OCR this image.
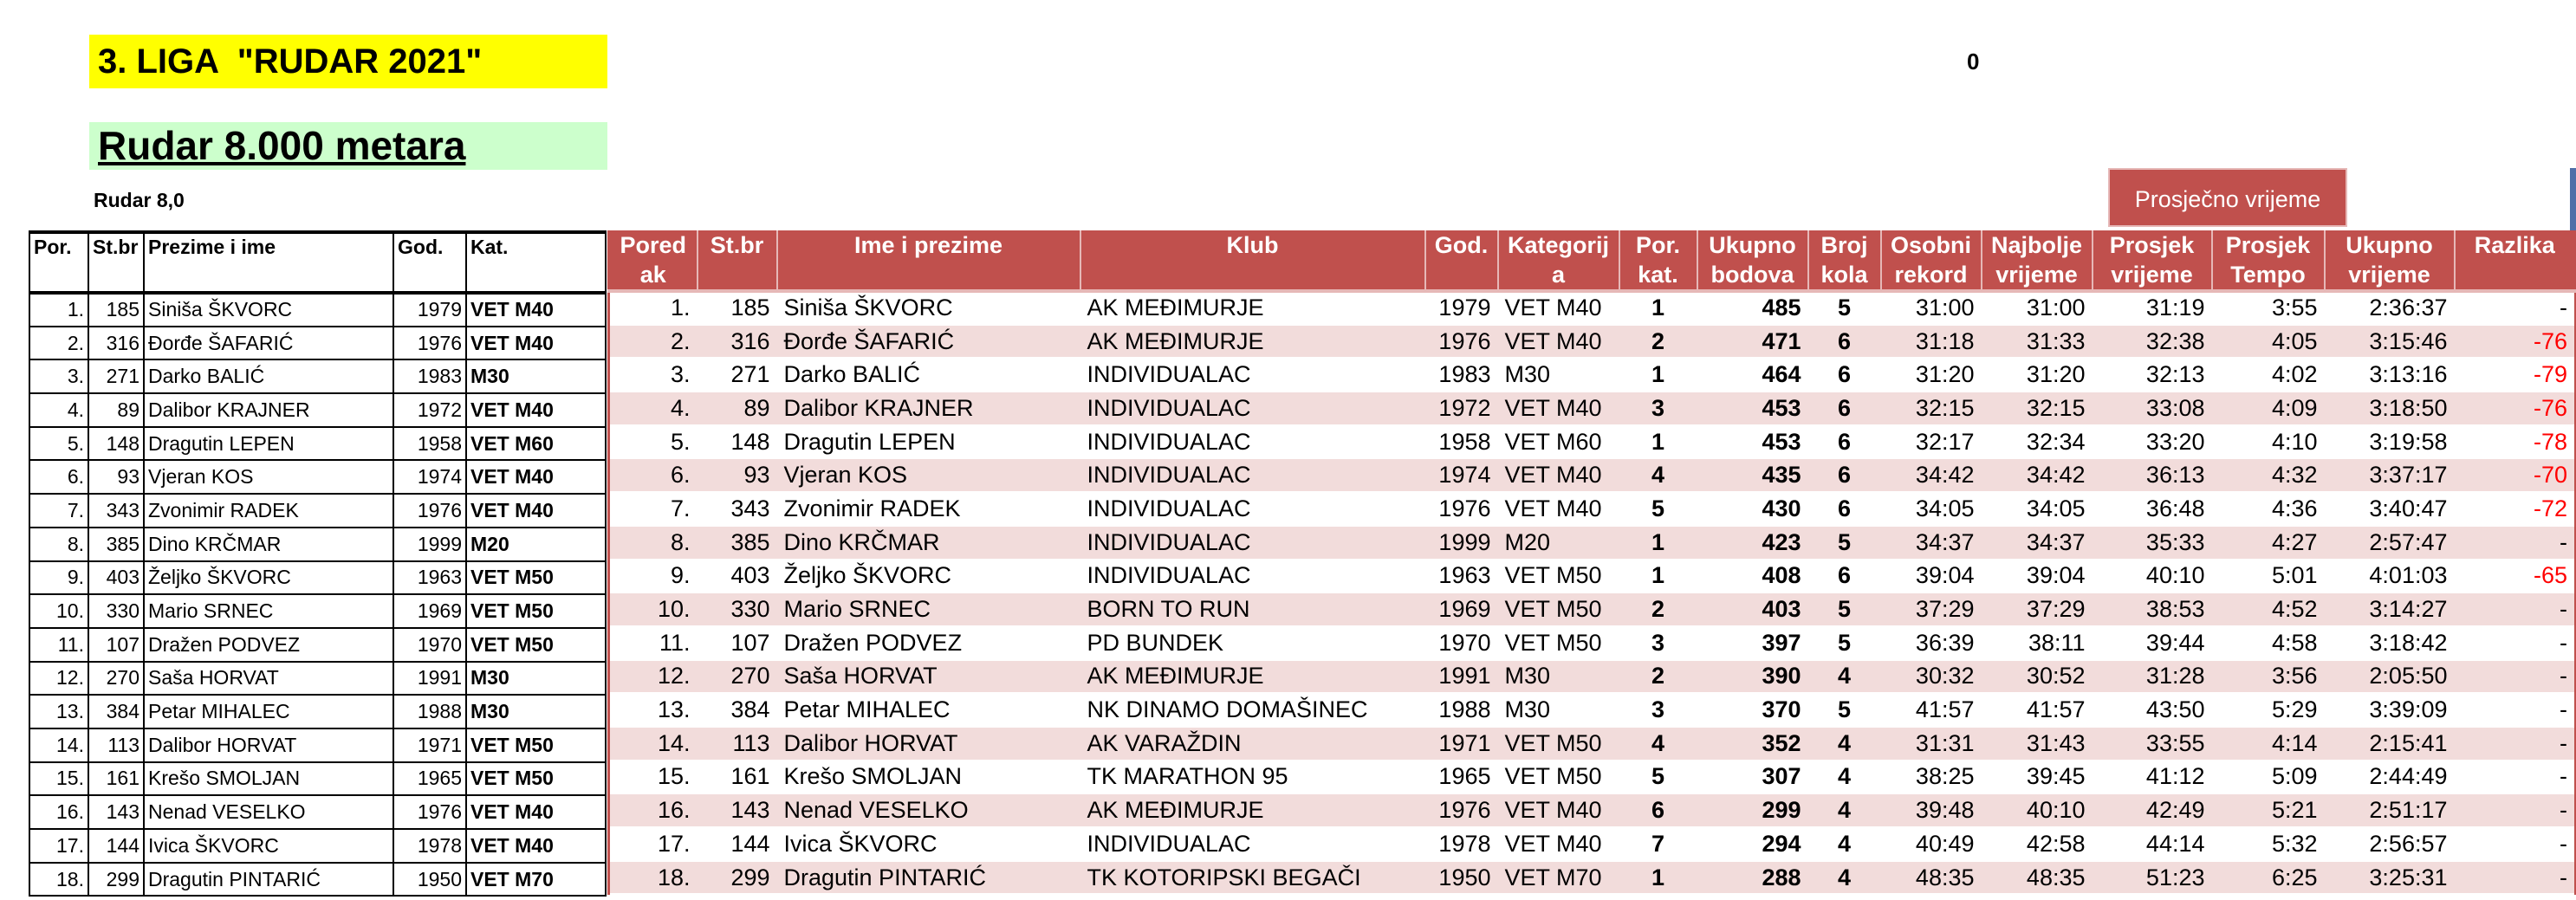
3. LIGA  "RUDAR 2021"
Rudar 8.000 metara
Rudar 8,0
0
Prosječno vrijeme
Por.	St.br	Prezime i ime	God.	Kat.
1.	185	Siniša ŠKVORC	1979	VET M40
2.	316	Đorđe ŠAFARIĆ	1976	VET M40
3.	271	Darko BALIĆ	1983	M30
4.	89	Dalibor KRAJNER	1972	VET M40
5.	148	Dragutin LEPEN	1958	VET M60
6.	93	Vjeran KOS	1974	VET M40
7.	343	Zvonimir RADEK	1976	VET M40
8.	385	Dino KRČMAR	1999	M20
9.	403	Željko ŠKVORC	1963	VET M50
10.	330	Mario SRNEC	1969	VET M50
11.	107	Dražen PODVEZ	1970	VET M50
12.	270	Saša HORVAT	1991	M30
13.	384	Petar MIHALEC	1988	M30
14.	113	Dalibor HORVAT	1971	VET M50
15.	161	Krešo SMOLJAN	1965	VET M50
16.	143	Nenad VESELKO	1976	VET M40
17.	144	Ivica ŠKVORC	1978	VET M40
18.	299	Dragutin PINTARIĆ	1950	VET M70
Pored ak	St.br	Ime i prezime	Klub	God.	Kategorij a	Por. kat.	Ukupno bodova	Broj kola	Osobni rekord	Najbolje vrijeme	Prosjek vrijeme	Prosjek Tempo	Ukupno vrijeme	Razlika
1.	185	Siniša ŠKVORC	AK MEĐIMURJE	1979	VET M40	1	485	5	31:00	31:00	31:19	3:55	2:36:37	-
2.	316	Đorđe ŠAFARIĆ	AK MEĐIMURJE	1976	VET M40	2	471	6	31:18	31:33	32:38	4:05	3:15:46	-76
3.	271	Darko BALIĆ	INDIVIDUALAC	1983	M30	1	464	6	31:20	31:20	32:13	4:02	3:13:16	-79
4.	89	Dalibor KRAJNER	INDIVIDUALAC	1972	VET M40	3	453	6	32:15	32:15	33:08	4:09	3:18:50	-76
5.	148	Dragutin LEPEN	INDIVIDUALAC	1958	VET M60	1	453	6	32:17	32:34	33:20	4:10	3:19:58	-78
6.	93	Vjeran KOS	INDIVIDUALAC	1974	VET M40	4	435	6	34:42	34:42	36:13	4:32	3:37:17	-70
7.	343	Zvonimir RADEK	INDIVIDUALAC	1976	VET M40	5	430	6	34:05	34:05	36:48	4:36	3:40:47	-72
8.	385	Dino KRČMAR	INDIVIDUALAC	1999	M20	1	423	5	34:37	34:37	35:33	4:27	2:57:47	-
9.	403	Željko ŠKVORC	INDIVIDUALAC	1963	VET M50	1	408	6	39:04	39:04	40:10	5:01	4:01:03	-65
10.	330	Mario SRNEC	BORN TO RUN	1969	VET M50	2	403	5	37:29	37:29	38:53	4:52	3:14:27	-
11.	107	Dražen PODVEZ	PD BUNDEK	1970	VET M50	3	397	5	36:39	38:11	39:44	4:58	3:18:42	-
12.	270	Saša HORVAT	AK MEĐIMURJE	1991	M30	2	390	4	30:32	30:52	31:28	3:56	2:05:50	-
13.	384	Petar MIHALEC	NK DINAMO DOMAŠINEC	1988	M30	3	370	5	41:57	41:57	43:50	5:29	3:39:09	-
14.	113	Dalibor HORVAT	AK VARAŽDIN	1971	VET M50	4	352	4	31:31	31:43	33:55	4:14	2:15:41	-
15.	161	Krešo SMOLJAN	TK MARATHON 95	1965	VET M50	5	307	4	38:25	39:45	41:12	5:09	2:44:49	-
16.	143	Nenad VESELKO	AK MEĐIMURJE	1976	VET M40	6	299	4	39:48	40:10	42:49	5:21	2:51:17	-
17.	144	Ivica ŠKVORC	INDIVIDUALAC	1978	VET M40	7	294	4	40:49	42:58	44:14	5:32	2:56:57	-
18.	299	Dragutin PINTARIĆ	TK KOTORIPSKI BEGAČI	1950	VET M70	1	288	4	48:35	48:35	51:23	6:25	3:25:31	-
